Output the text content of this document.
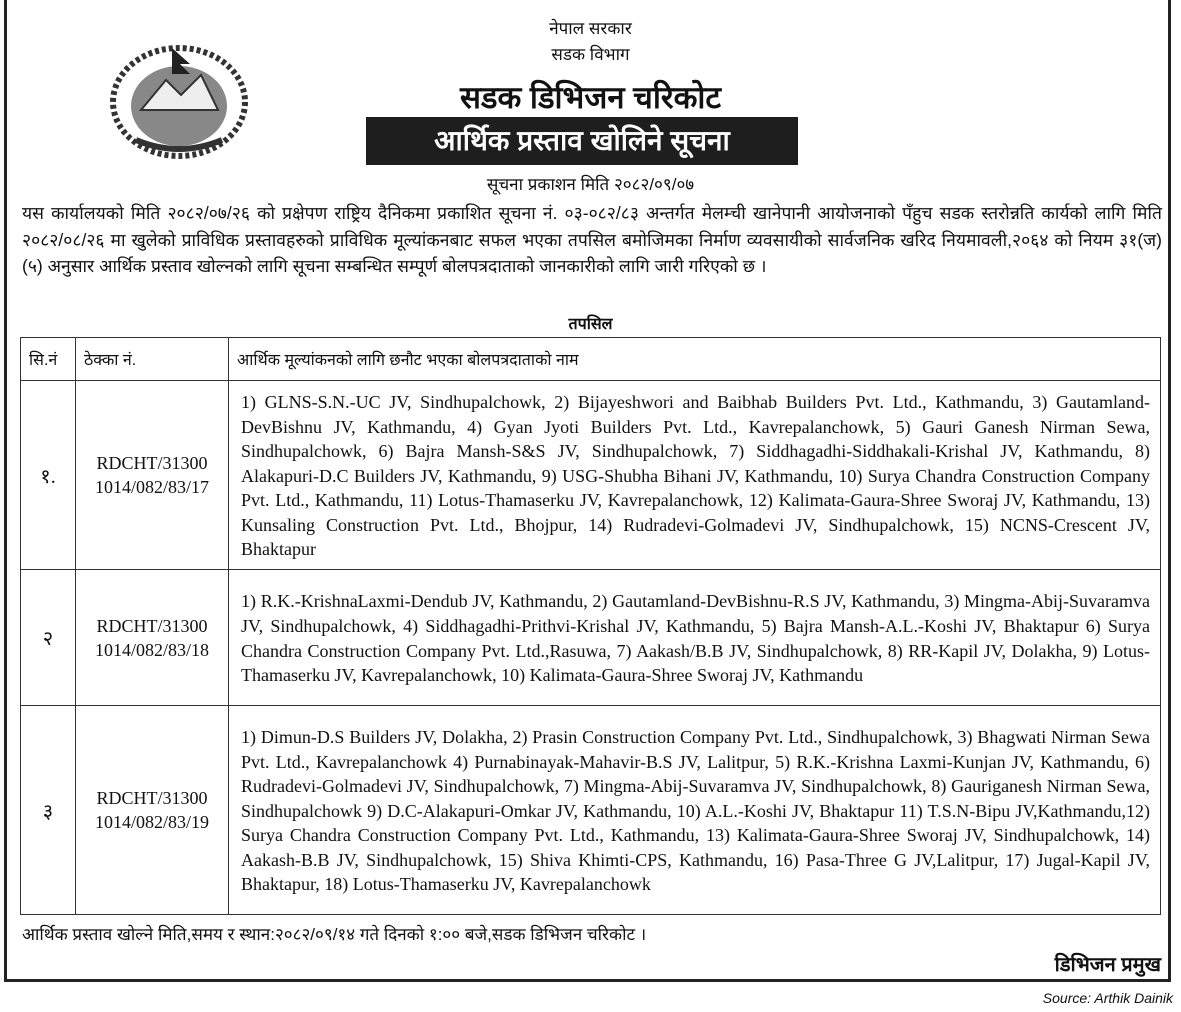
नेपाल सरकार
सडक विभाग
सडक डिभिजन चरिकोट
आर्थिक प्रस्ताव खोलिने सूचना
सूचना प्रकाशन मिति २०८२/०९/०७
यस कार्यालयको मिति २०८२/०७/२६ को प्रक्षेपण राष्ट्रिय दैनिकमा प्रकाशित सूचना नं. ०३-०८२/८३ अन्तर्गत मेलम्ची खानेपानी आयोजनाको पँहुच सडक स्तरोन्नति कार्यको लागि मिति २०८२/०८/२६ मा खुलेको प्राविधिक प्रस्तावहरुको प्राविधिक मूल्यांकनबाट सफल भएका तपसिल बमोजिमका निर्माण व्यवसायीको सार्वजनिक खरिद नियमावली,२०६४ को नियम ३१(ज)(५) अनुसार आर्थिक प्रस्ताव खोल्नको लागि सूचना सम्बन्धित सम्पूर्ण बोलपत्रदाताको जानकारीको लागि जारी गरिएको छ ।
तपसिल
सि.नं	ठेक्का नं.	आर्थिक मूल्यांकनको लागि छनौट भएका बोलपत्रदाताको नाम
१.	RDCHT/31300 1014/082/83/17	1) GLNS-S.N.-UC JV, Sindhupalchowk, 2) Bijayeshwori and Baibhab Builders Pvt. Ltd., Kathmandu, 3) Gautamland-DevBishnu JV, Kathmandu, 4) Gyan Jyoti Builders Pvt. Ltd., Kavrepalanchowk, 5) Gauri Ganesh Nirman Sewa, Sindhupalchowk, 6) Bajra Mansh-S&S JV, Sindhupalchowk, 7) Siddhagadhi-Siddhakali-Krishal JV, Kathmandu, 8) Alakapuri-D.C Builders JV, Kathmandu, 9) USG-Shubha Bihani JV, Kathmandu, 10) Surya Chandra Construction Company Pvt. Ltd., Kathmandu, 11) Lotus-Thamaserku JV, Kavrepalanchowk, 12) Kalimata-Gaura-Shree Sworaj JV, Kathmandu, 13) Kunsaling Construction Pvt. Ltd., Bhojpur, 14) Rudradevi-Golmadevi JV, Sindhupalchowk, 15) NCNS-Crescent JV, Bhaktapur
२	RDCHT/31300 1014/082/83/18	1) R.K.-KrishnaLaxmi-Dendub JV, Kathmandu, 2) Gautamland-DevBishnu-R.S JV, Kathmandu, 3) Mingma-Abij-Suvaramva JV, Sindhupalchowk, 4) Siddhagadhi-Prithvi-Krishal JV, Kathmandu, 5) Bajra Mansh-A.L.-Koshi JV, Bhaktapur 6) Surya Chandra Construction Company Pvt. Ltd.,Rasuwa, 7) Aakash/B.B JV, Sindhupalchowk, 8) RR-Kapil JV, Dolakha, 9) Lotus-Thamaserku JV, Kavrepalanchowk, 10) Kalimata-Gaura-Shree Sworaj JV, Kathmandu
३	RDCHT/31300 1014/082/83/19	1) Dimun-D.S Builders JV, Dolakha, 2) Prasin Construction Company Pvt. Ltd., Sindhupalchowk, 3) Bhagwati Nirman Sewa Pvt. Ltd., Kavrepalanchowk 4) Purnabinayak-Mahavir-B.S JV, Lalitpur, 5) R.K.-Krishna Laxmi-Kunjan JV, Kathmandu, 6) Rudradevi-Golmadevi JV, Sindhupalchowk, 7) Mingma-Abij-Suvaramva JV, Sindhupalchowk, 8) Gauriganesh Nirman Sewa, Sindhupalchowk 9) D.C-Alakapuri-Omkar JV, Kathmandu, 10) A.L.-Koshi JV, Bhaktapur 11) T.S.N-Bipu JV,Kathmandu,12) Surya Chandra Construction Company Pvt. Ltd., Kathmandu, 13) Kalimata-Gaura-Shree Sworaj JV, Sindhupalchowk, 14) Aakash-B.B JV, Sindhupalchowk, 15) Shiva Khimti-CPS, Kathmandu, 16) Pasa-Three G JV,Lalitpur, 17) Jugal-Kapil JV, Bhaktapur, 18) Lotus-Thamaserku JV, Kavrepalanchowk
आर्थिक प्रस्ताव खोल्ने मिति,समय र स्थान:२०८२/०९/१४ गते दिनको १:०० बजे,सडक डिभिजन चरिकोट ।
डिभिजन प्रमुख
Source: Arthik Dainik
